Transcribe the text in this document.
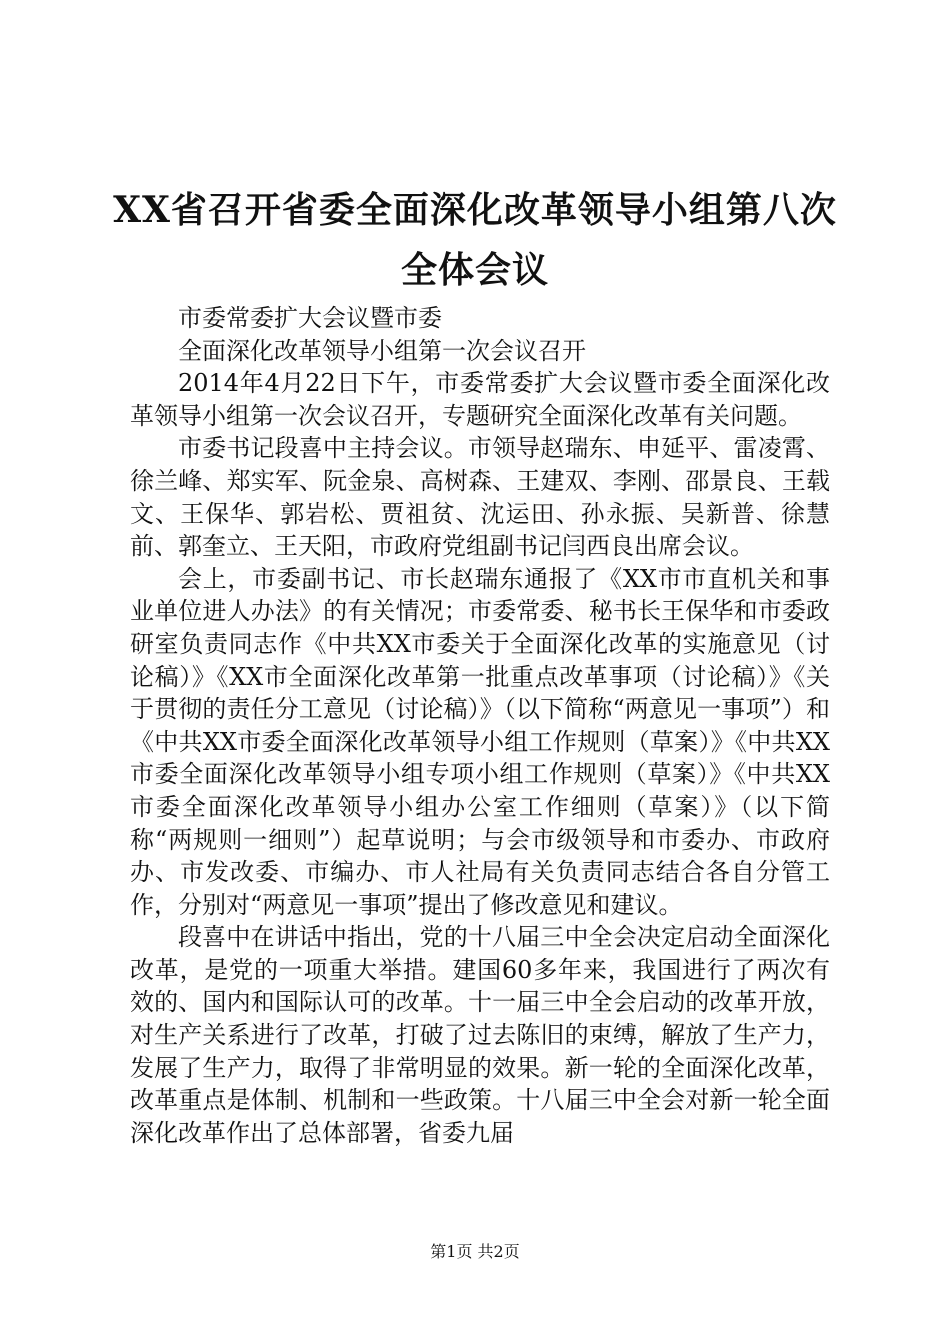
XX省召开省委全面深化改革领导小组第八次
全体会议

市委常委扩大会议暨市委

全面深化改革领导小组第一次会议召开

2014年4月22日下午，市委常委扩大会议暨市委全面深化改革领导小组第一次会议召开，专题研究全面深化改革有关问题。

市委书记段喜中主持会议。市领导赵瑞东、申延平、雷凌霄、徐兰峰、郑实军、阮金泉、高树森、王建双、李刚、邵景良、王载文、王保华、郭岩松、贾祖贫、沈运田、孙永振、吴新普、徐慧前、郭奎立、王天阳，市政府党组副书记闫西良出席会议。

会上，市委副书记、市长赵瑞东通报了《XX市市直机关和事业单位进人办法》的有关情况；市委常委、秘书长王保华和市委政研室负责同志作《中共XX市委关于全面深化改革的实施意见（讨论稿）》《XX市全面深化改革第一批重点改革事项（讨论稿）》《关于贯彻的责任分工意见（讨论稿）》（以下简称“两意见一事项”）和《中共XX市委全面深化改革领导小组工作规则（草案）》《中共XX市委全面深化改革领导小组专项小组工作规则（草案）》《中共XX市委全面深化改革领导小组办公室工作细则（草案）》（以下简称“两规则一细则”）起草说明；与会市级领导和市委办、市政府办、市发改委、市编办、市人社局有关负责同志结合各自分管工作，分别对“两意见一事项”提出了修改意见和建议。

段喜中在讲话中指出，党的十八届三中全会决定启动全面深化改革，是党的一项重大举措。建国60多年来，我国进行了两次有效的、国内和国际认可的改革。十一届三中全会启动的改革开放，对生产关系进行了改革，打破了过去陈旧的束缚，解放了生产力，发展了生产力，取得了非常明显的效果。新一轮的全面深化改革，改革重点是体制、机制和一些政策。十八届三中全会对新一轮全面深化改革作出了总体部署，省委九届

第1页 共2页
